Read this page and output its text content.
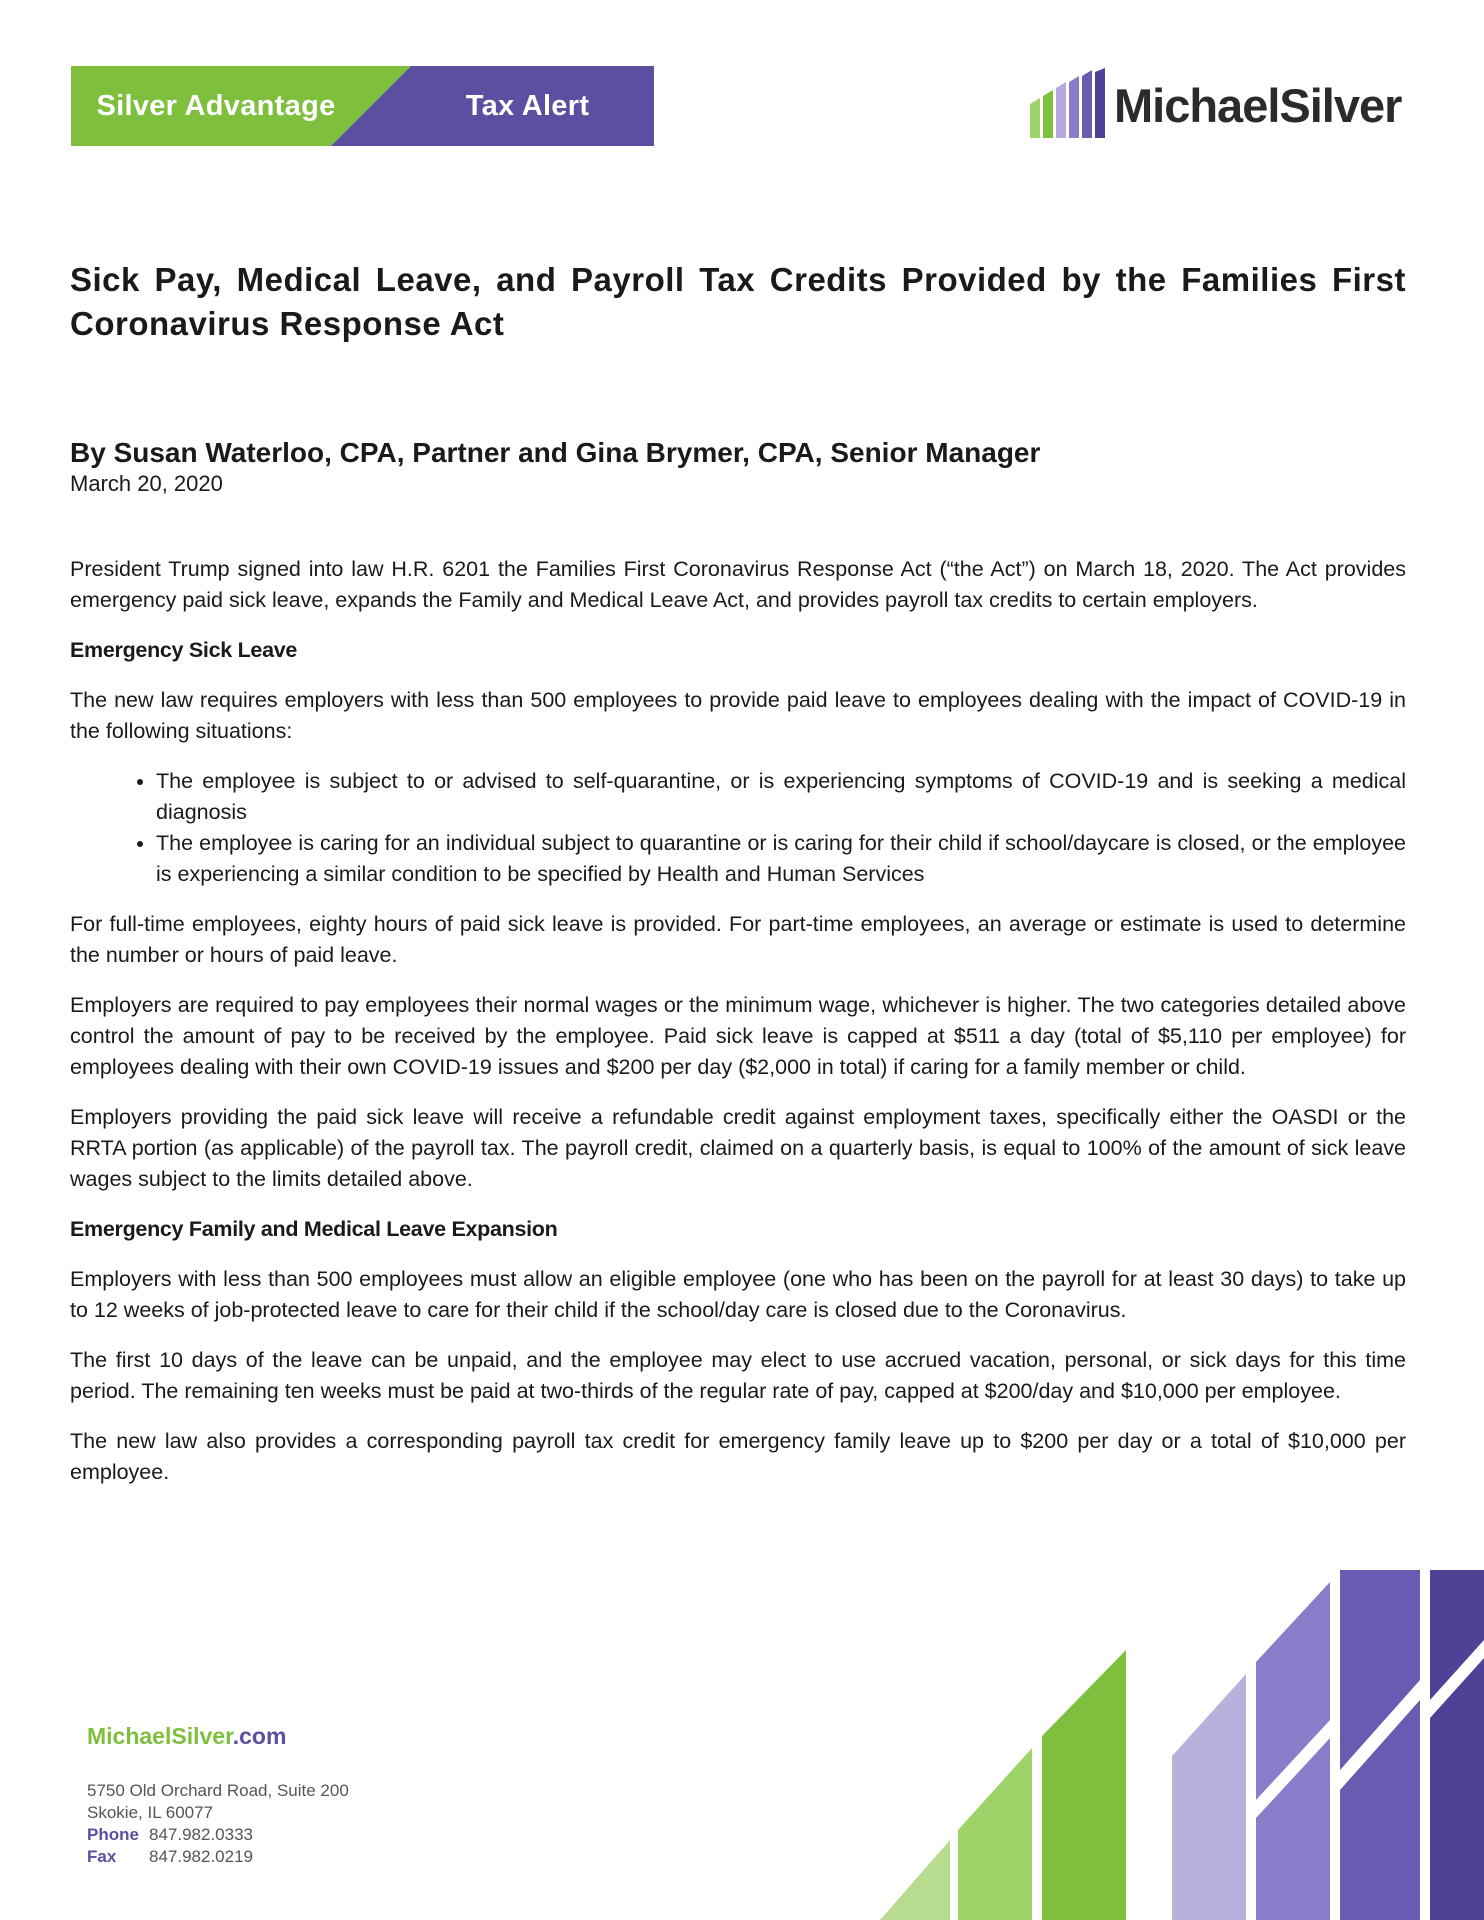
Silver Advantage	Tax Alert	MichaelSilver
Sick Pay, Medical Leave, and Payroll Tax Credits Provided by the Families First Coronavirus Response Act
By Susan Waterloo, CPA, Partner and Gina Brymer, CPA, Senior Manager
March 20, 2020

President Trump signed into law H.R. 6201 the Families First Coronavirus Response Act (“the Act”) on March 18, 2020. The Act provides emergency paid sick leave, expands the Family and Medical Leave Act, and provides payroll tax credits to certain employers.

Emergency Sick Leave

The new law requires employers with less than 500 employees to provide paid leave to employees dealing with the impact of COVID-19 in the following situations:

• The employee is subject to or advised to self-quarantine, or is experiencing symptoms of COVID-19 and is seeking a medical diagnosis
• The employee is caring for an individual subject to quarantine or is caring for their child if school/daycare is closed, or the employee is experiencing a similar condition to be specified by Health and Human Services

For full-time employees, eighty hours of paid sick leave is provided. For part-time employees, an average or estimate is used to determine the number or hours of paid leave.

Employers are required to pay employees their normal wages or the minimum wage, whichever is higher. The two categories detailed above control the amount of pay to be received by the employee. Paid sick leave is capped at $511 a day (total of $5,110 per employee) for employees dealing with their own COVID-19 issues and $200 per day ($2,000 in total) if caring for a family member or child.

Employers providing the paid sick leave will receive a refundable credit against employment taxes, specifically either the OASDI or the RRTA portion (as applicable) of the payroll tax. The payroll credit, claimed on a quarterly basis, is equal to 100% of the amount of sick leave wages subject to the limits detailed above.

Emergency Family and Medical Leave Expansion

Employers with less than 500 employees must allow an eligible employee (one who has been on the payroll for at least 30 days) to take up to 12 weeks of job-protected leave to care for their child if the school/day care is closed due to the Coronavirus.

The first 10 days of the leave can be unpaid, and the employee may elect to use accrued vacation, personal, or sick days for this time period. The remaining ten weeks must be paid at two-thirds of the regular rate of pay, capped at $200/day and $10,000 per employee.

The new law also provides a corresponding payroll tax credit for emergency family leave up to $200 per day or a total of $10,000 per employee.

MichaelSilver.com
5750 Old Orchard Road, Suite 200
Skokie, IL 60077
Phone 847.982.0333
Fax 847.982.0219
